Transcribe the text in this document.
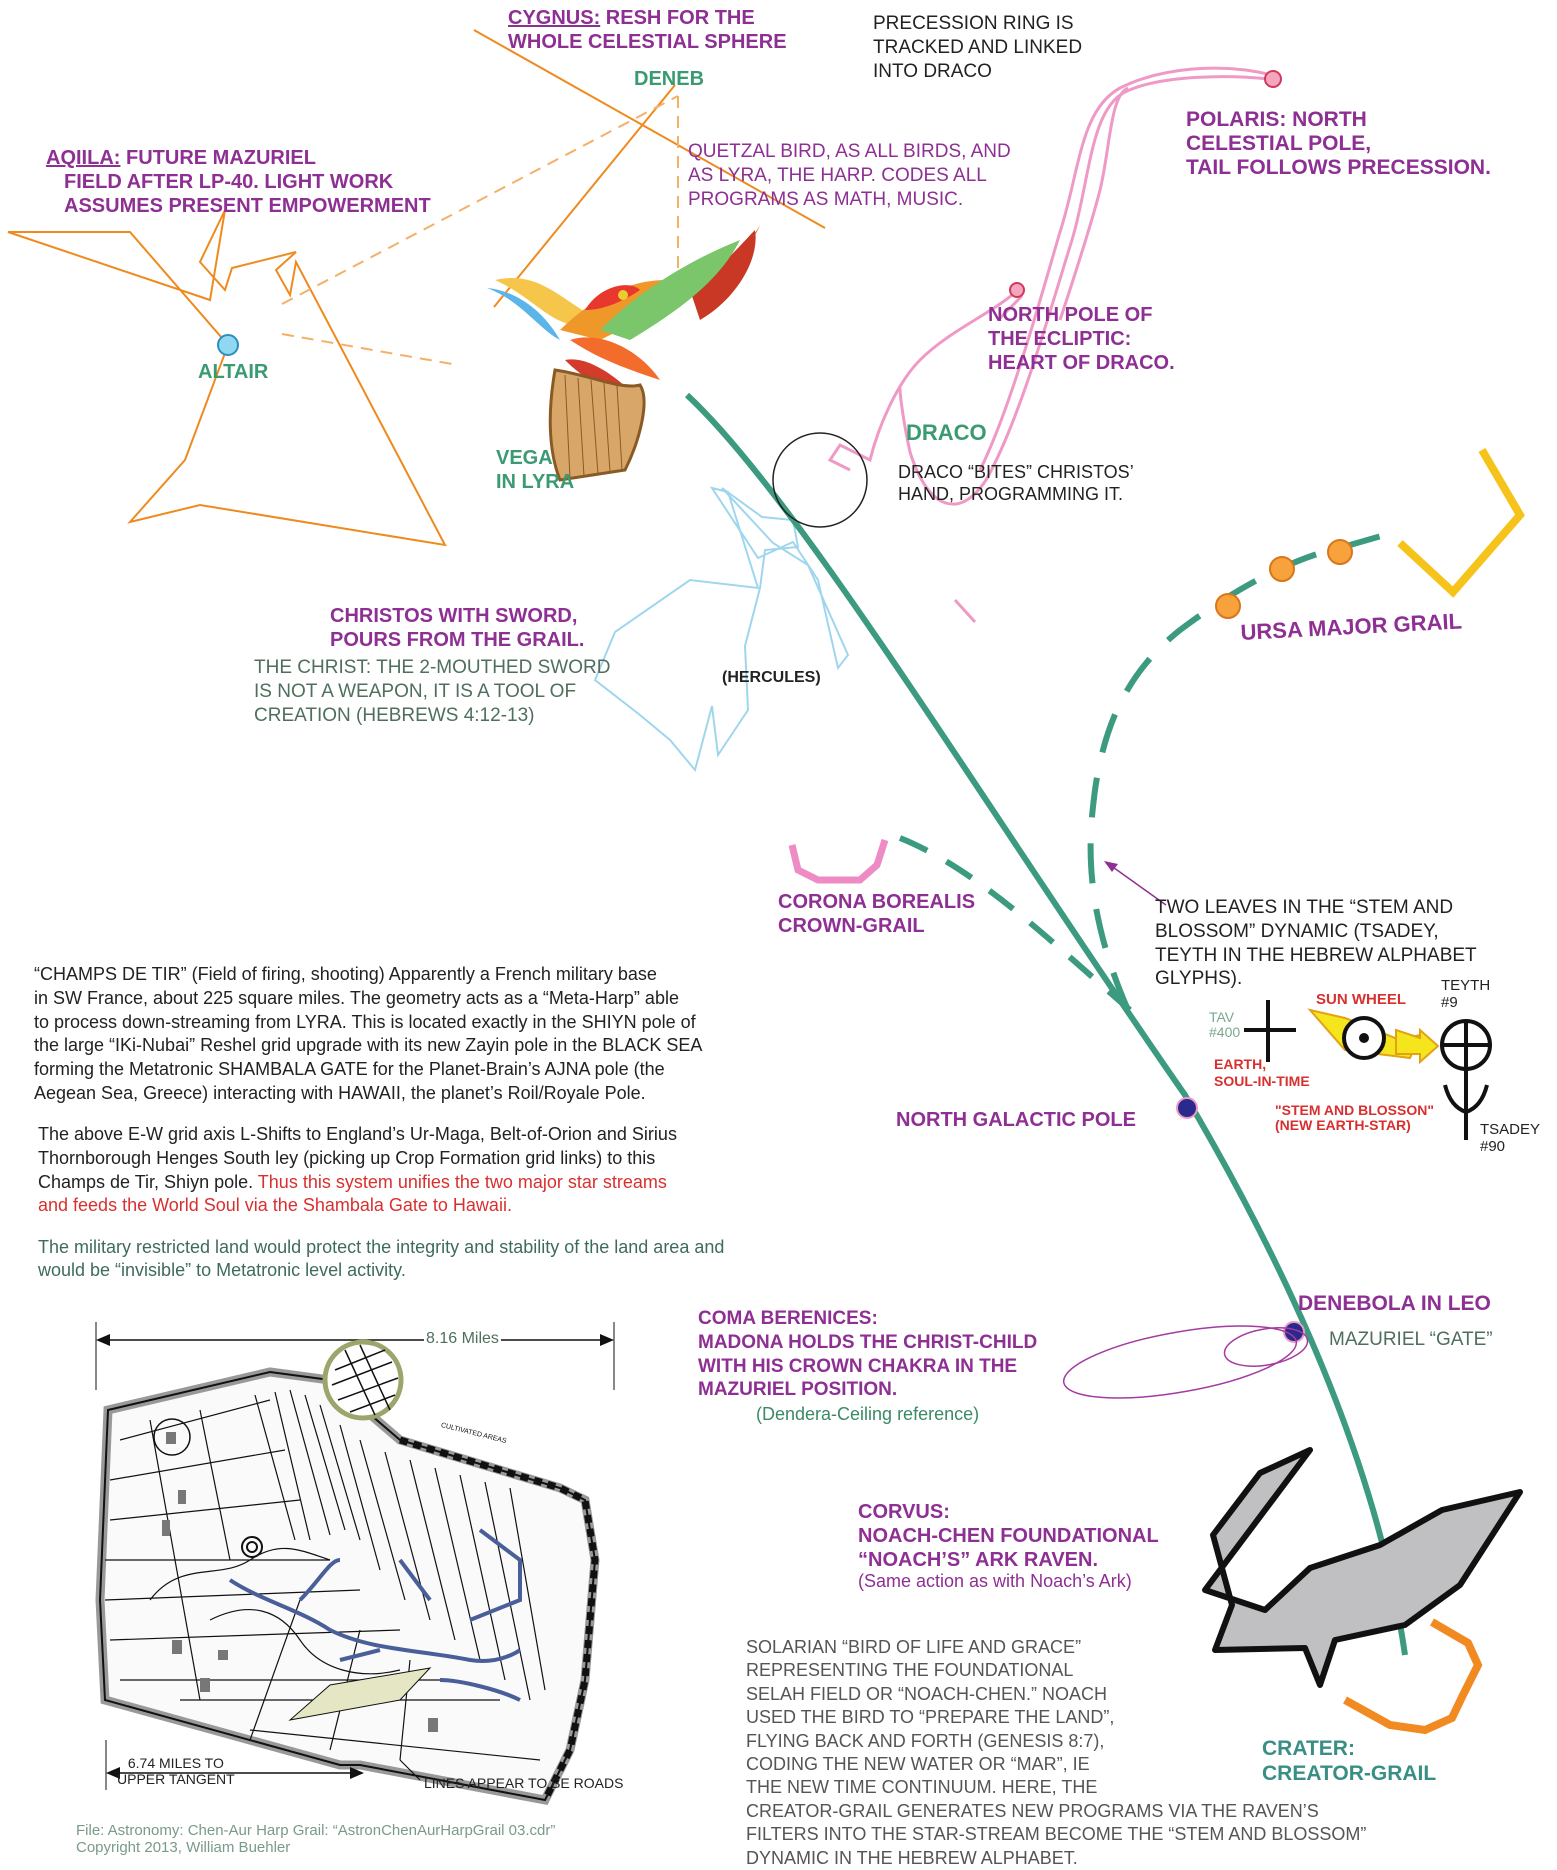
CYGNUS: RESH FOR THE
WHOLE CELESTIAL SPHERE
DENEB
PRECESSION RING IS
TRACKED AND LINKED
INTO DRACO
POLARIS: NORTH
CELESTIAL POLE,
TAIL FOLLOWS PRECESSION.
AQIILA: FUTURE MAZURIEL
FIELD AFTER LP-40. LIGHT WORK
ASSUMES PRESENT EMPOWERMENT
QUETZAL BIRD, AS ALL BIRDS, AND
AS LYRA, THE HARP. CODES ALL
PROGRAMS AS MATH, MUSIC.
ALTAIR
NORTH POLE OF
THE ECLIPTIC:
HEART OF DRACO.
VEGA
IN LYRA
DRACO
DRACO “BITES” CHRISTOS’
HAND, PROGRAMMING IT.
CHRISTOS WITH SWORD,
POURS FROM THE GRAIL.
THE CHRIST: THE 2-MOUTHED SWORD
IS NOT A WEAPON, IT IS A TOOL OF
CREATION (HEBREWS 4:12-13)
(HERCULES)
URSA MAJOR GRAIL
CORONA BOREALIS
CROWN-GRAIL
TWO LEAVES IN THE “STEM AND
BLOSSOM” DYNAMIC (TSADEY,
TEYTH IN THE HEBREW ALPHABET
GLYPHS).
TAV
#400
SUN WHEEL
TEYTH
#9
EARTH,
SOUL-IN-TIME
"STEM AND BLOSSON"
(NEW EARTH-STAR)	TSADEY
#90
NORTH GALACTIC POLE
“CHAMPS DE TIR” (Field of firing, shooting) Apparently a French military base
in SW France, about 225 square miles. The geometry acts as a “Meta-Harp” able
to process down-streaming from LYRA. This is located exactly in the SHIYN pole of
the large “IKi-Nubai” Reshel grid upgrade with its new Zayin pole in the BLACK SEA
forming the Metatronic SHAMBALA GATE for the Planet-Brain’s AJNA pole (the
Aegean Sea, Greece) interacting with HAWAII, the planet’s Roil/Royale Pole.
The above E-W grid axis L-Shifts to England’s Ur-Maga, Belt-of-Orion and Sirius
Thornborough Henges South ley (picking up Crop Formation grid links) to this
Champs de Tir, Shiyn pole. Thus this system unifies the two major star streams
and feeds the World Soul via the Shambala Gate to Hawaii.
The military restricted land would protect the integrity and stability of the land area and
would be “invisible” to Metatronic level activity.
DENEBOLA IN LEO
MAZURIEL “GATE”
COMA BERENICES:
MADONA HOLDS THE CHRIST-CHILD
WITH HIS CROWN CHAKRA IN THE
MAZURIEL POSITION.
(Dendera-Ceiling reference)
8.16 Miles
CULTIVATED AREAS
CORVUS:
NOACH-CHEN FOUNDATIONAL
“NOACH’S” ARK RAVEN.
(Same action as with Noach’s Ark)
SOLARIAN “BIRD OF LIFE AND GRACE”
REPRESENTING THE FOUNDATIONAL
SELAH FIELD OR “NOACH-CHEN.” NOACH
USED THE BIRD TO “PREPARE THE LAND”,
FLYING BACK AND FORTH (GENESIS 8:7),
CODING THE NEW WATER OR “MAR”, IE
THE NEW TIME CONTINUUM. HERE, THE
CREATOR-GRAIL GENERATES NEW PROGRAMS VIA THE RAVEN’S
FILTERS INTO THE STAR-STREAM BECOME THE “STEM AND BLOSSOM”
DYNAMIC IN THE HEBREW ALPHABET.
CRATER:
CREATOR-GRAIL
6.74 MILES TO
UPPER TANGENT	LINES APPEAR TO BE ROADS
File: Astronomy: Chen-Aur Harp Grail: “AstronChenAurHarpGrail 03.cdr”
Copyright 2013, William Buehler
